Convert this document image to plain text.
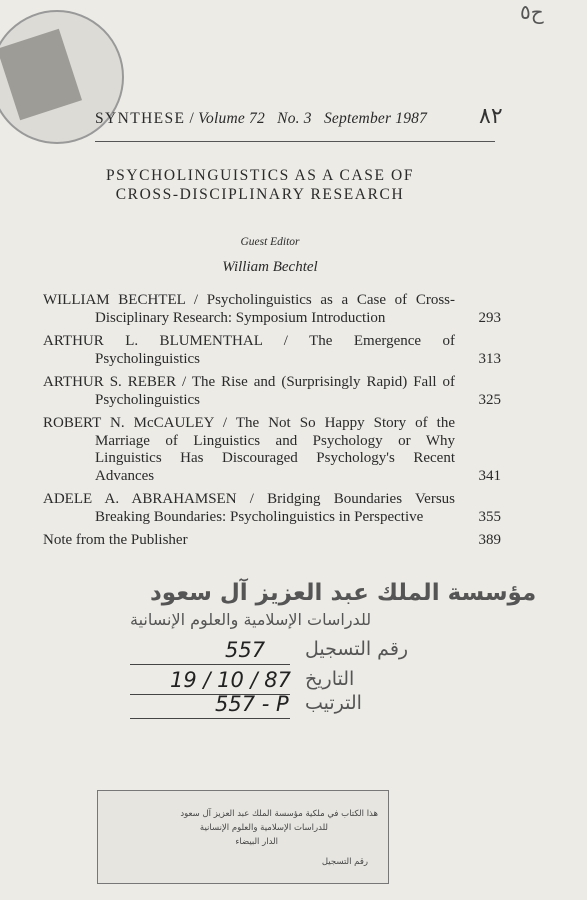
ح٥
SYNTHESE / Volume 72 No. 3 September 1987	٨٢
PSYCHOLINGUISTICS AS A CASE OF
CROSS-DISCIPLINARY RESEARCH
Guest Editor
William Bechtel
WILLIAM BECHTEL / Psycholinguistics as a Case of Cross-Disciplinary Research: Symposium Introduction	293
ARTHUR L. BLUMENTHAL / The Emergence of Psycholinguistics	313
ARTHUR S. REBER / The Rise and (Surprisingly Rapid) Fall of Psycholinguistics	325
ROBERT N. McCAULEY / The Not So Happy Story of the Marriage of Linguistics and Psychology or Why Linguistics Has Discouraged Psychology's Recent Advances	341
ADELE A. ABRAHAMSEN / Bridging Boundaries Versus Breaking Boundaries: Psycholinguistics in Perspective	355
Note from the Publisher	389
مؤسسة الملك عبد العزيز آل سعود
للدراسات الإسلامية والعلوم الإنسانية
557 رقم التسجيل
19 / 10 / 87 التاريخ
557 - P الترتيب
هذا الكتاب في ملكية مؤسسة الملك عبد العزيز آل سعود
للدراسات الإسلامية والعلوم الإنسانية
الدار البيضاء
رقم التسجيل
